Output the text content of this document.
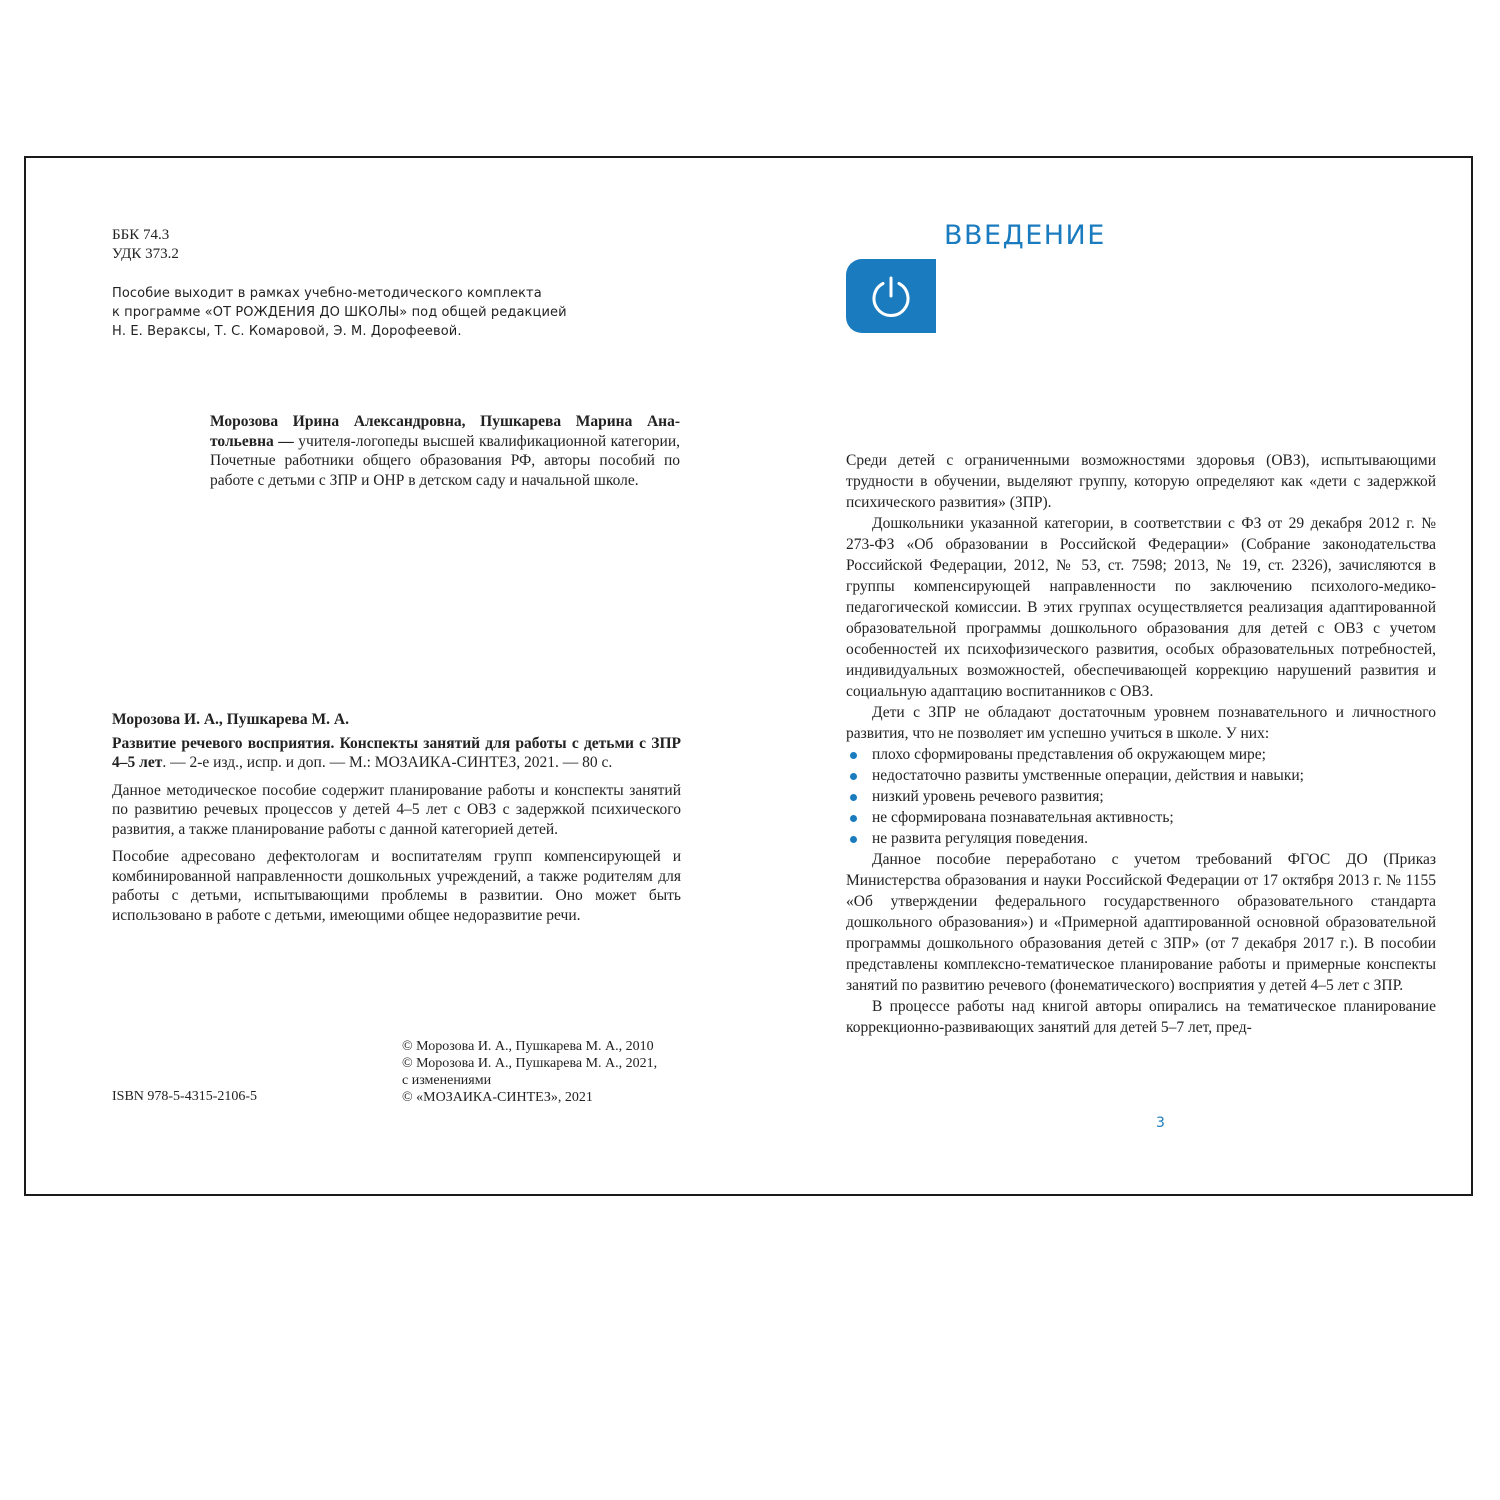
ББК 74.3
УДК 373.2
Пособие выходит в рамках учебно-методического комплекта
к программе «ОТ РОЖДЕНИЯ ДО ШКОЛЫ» под общей редакцией
Н. Е. Вераксы, Т. С. Комаровой, Э. М. Дорофеевой.
Морозова Ирина Александровна, Пушкарева Марина Анатольевна — учителя-логопеды высшей квалификационной категории, Почетные работники общего образования РФ, авторы пособий по работе с детьми с ЗПР и ОНР в детском саду и начальной школе.
Морозова И. А., Пушкарева М. А.
Развитие речевого восприятия. Конспекты занятий для работы с детьми с ЗПР 4–5 лет. — 2-е изд., испр. и доп. — М.: МОЗАИКА-СИНТЕЗ, 2021. — 80 с.

Данное методическое пособие содержит планирование работы и конспекты занятий по развитию речевых процессов у детей 4–5 лет с ОВЗ с задержкой психического развития, а также планирование работы с данной категорией детей.

Пособие адресовано дефектологам и воспитателям групп компенсирующей и комбинированной направленности дошкольных учреждений, а также родителям для работы с детьми, испытывающими проблемы в развитии. Оно может быть использовано в работе с детьми, имеющими общее недоразвитие речи.

© Морозова И. А., Пушкарева М. А., 2010
© Морозова И. А., Пушкарева М. А., 2021,
с изменениями
© «МОЗАИКА-СИНТЕЗ», 2021
ISBN 978-5-4315-2106-5
ВВЕДЕНИЕ

Среди детей с ограниченными возможностями здоровья (ОВЗ), испытывающими трудности в обучении, выделяют группу, которую определяют как «дети с задержкой психического развития» (ЗПР).

Дошкольники указанной категории, в соответствии с ФЗ от 29 декабря 2012 г. № 273-ФЗ «Об образовании в Российской Федерации» (Собрание законодательства Российской Федерации, 2012, № 53, ст. 7598; 2013, № 19, ст. 2326), зачисляются в группы компенсирующей направленности по заключению психолого-медико-педагогической комиссии. В этих группах осуществляется реализация адаптированной образовательной программы дошкольного образования для детей с ОВЗ с учетом особенностей их психофизического развития, особых образовательных потребностей, индивидуальных возможностей, обеспечивающей коррекцию нарушений развития и социальную адаптацию воспитанников с ОВЗ.

Дети с ЗПР не обладают достаточным уровнем познавательного и личностного развития, что не позволяет им успешно учиться в школе. У них:

плохо сформированы представления об окружающем мире;
недостаточно развиты умственные операции, действия и навыки;
низкий уровень речевого развития;
не сформирована познавательная активность;
не развита регуляция поведения.

Данное пособие переработано с учетом требований ФГОС ДО (Приказ Министерства образования и науки Российской Федерации от 17 октября 2013 г. № 1155 «Об утверждении федерального государственного образовательного стандарта дошкольного образования») и «Примерной адаптированной основной образовательной программы дошкольного образования детей с ЗПР» (от 7 декабря 2017 г.). В пособии представлены комплексно-тематическое планирование работы и примерные конспекты занятий по развитию речевого (фонематического) восприятия у детей 4–5 лет с ЗПР.

В процессе работы над книгой авторы опирались на тематическое планирование коррекционно-развивающих занятий для детей 5–7 лет, пред-

3
